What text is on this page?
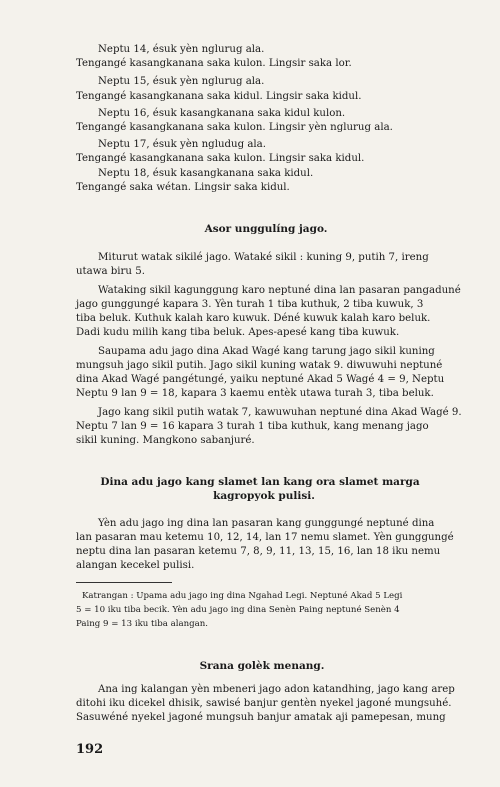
Neptu 14, ésuk yèn nglurug ala.
Tengangé kasangkanana saka kulon. Lingsir saka lor.
Neptu 15, ésuk yèn nglurug ala.
Tengangé kasangkanana saka kidul. Lingsir saka kidul.
Neptu 16, ésuk kasangkanana saka kidul kulon.
Tengangé kasangkanana saka kulon. Lingsir yèn nglurug ala.
Neptu 17, ésuk yèn ngludug ala.
Tengangé kasangkanana saka kulon. Lingsir saka kidul.
Neptu 18, ésuk kasangkanana saka kidul.
Tengangé saka wétan. Lingsir saka kidul.
Asor unggulíng jago.
Miturut watak sikilé jago. Wataké sikil : kuning 9, putih 7, ireng
utawa biru 5.
Wataking sikil kagunggung karo neptuné dina lan pasaran pangaduné
jago gunggungé kapara 3. Yèn turah 1 tiba kuthuk, 2 tiba kuwuk, 3
tiba beluk. Kuthuk kalah karo kuwuk. Déné kuwuk kalah karo beluk.
Dadi kudu milih kang tiba beluk. Apes-apesé kang tiba kuwuk.
Saupama adu jago dina Akad Wagé kang tarung jago sikil kuning
mungsuh jago sikil putih. Jago sikil kuning watak 9. diwuwuhi neptuné
dina Akad Wagé pangétungé, yaiku neptuné Akad 5 Wagé 4 = 9, Neptu
Neptu 9 lan 9 = 18, kapara 3 kaemu entèk utawa turah 3, tiba beluk.
Jago kang sikil putih watak 7, kawuwuhan neptuné dina Akad Wagé 9.
Neptu 7 lan 9 = 16 kapara 3 turah 1 tiba kuthuk, kang menang jago
sikil kuning. Mangkono sabanjuré.
Dina adu jago kang slamet lan kang ora slamet marga
kagropyok pulisi.
Yèn adu jago ing dina lan pasaran kang gunggungé neptuné dina
lan pasaran mau ketemu 10, 12, 14, lan 17 nemu slamet. Yèn gunggungé
neptu dina lan pasaran ketemu 7, 8, 9, 11, 13, 15, 16, lan 18 iku nemu
alangan kecekel pulisi.
Katrangan : Upama adu jago ing dina Ngahad Legi. Neptuné Akad 5 Legi
5 = 10 iku tiba becik. Yèn adu jago ing dina Senèn Paing neptuné Senèn 4
Paing 9 = 13 iku tiba alangan.
Srana golèk menang.
Ana ing kalangan yèn mbeneri jago adon katandhing, jago kang arep
ditohi iku dicekel dhisik, sawisé banjur gentèn nyekel jagoné mungsuhé.
Sasuwéné nyekel jagoné mungsuh banjur amatak aji pamepesan, mung
192
